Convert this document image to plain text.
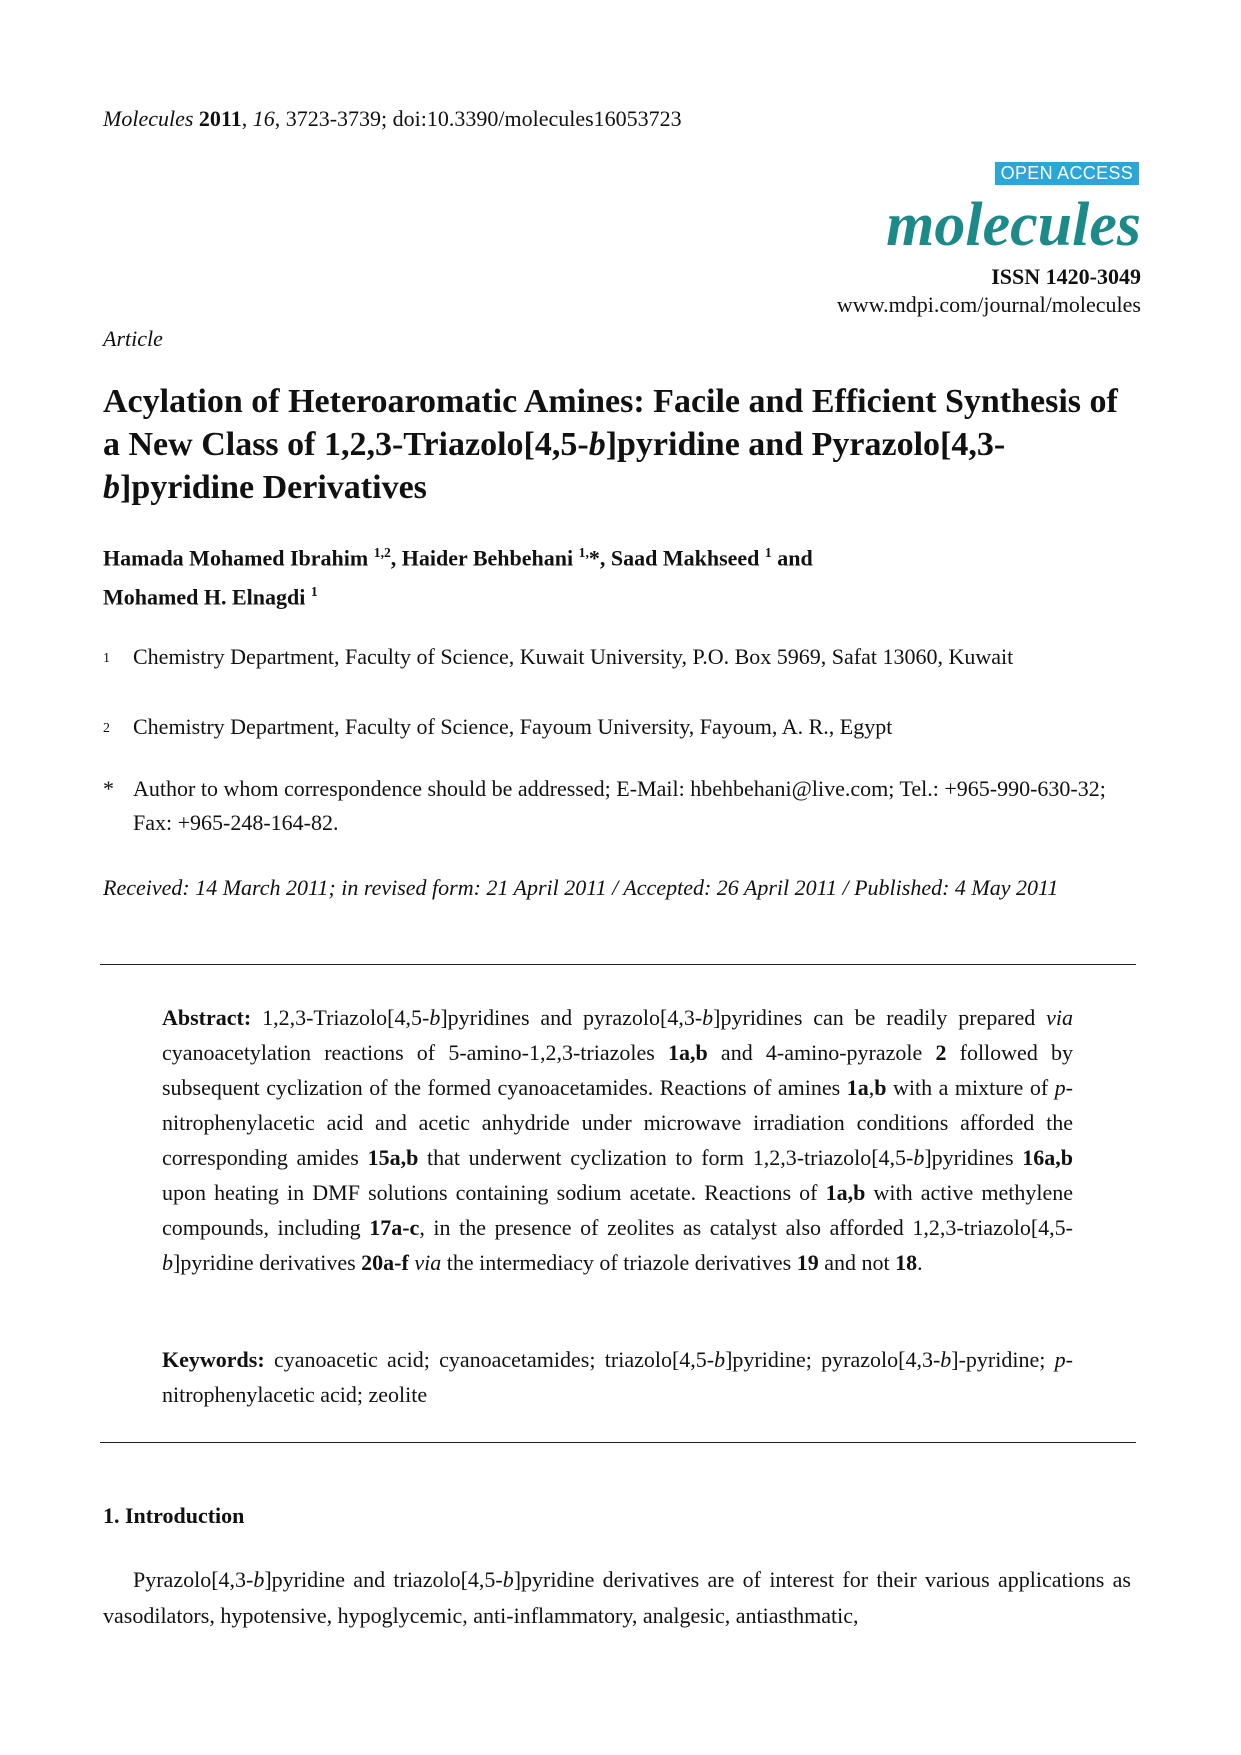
Molecules 2011, 16, 3723-3739; doi:10.3390/molecules16053723
OPEN ACCESS
molecules
ISSN 1420-3049
www.mdpi.com/journal/molecules
Article
Acylation of Heteroaromatic Amines: Facile and Efficient Synthesis of a New Class of 1,2,3-Triazolo[4,5-b]pyridine and Pyrazolo[4,3-b]pyridine Derivatives
Hamada Mohamed Ibrahim $^{1,2}$, Haider Behbehani $^{1,}$*, Saad Makhseed $^1$ and
Mohamed H. Elnagdi $^1$
1	Chemistry Department, Faculty of Science, Kuwait University, P.O. Box 5969, Safat 13060, Kuwait
2	Chemistry Department, Faculty of Science, Fayoum University, Fayoum, A. R., Egypt
* Author to whom correspondence should be addressed; E-Mail: hbehbehani@live.com; Tel.: +965-990-630-32; Fax: +965-248-164-82.
Received: 14 March 2011; in revised form: 21 April 2011 / Accepted: 26 April 2011 / Published: 4 May 2011
Abstract: 1,2,3-Triazolo[4,5-b]pyridines and pyrazolo[4,3-b]pyridines can be readily prepared via cyanoacetylation reactions of 5-amino-1,2,3-triazoles 1a,b and 4-amino-pyrazole 2 followed by subsequent cyclization of the formed cyanoacetamides. Reactions of amines 1a,b with a mixture of p-nitrophenylacetic acid and acetic anhydride under microwave irradiation conditions afforded the corresponding amides 15a,b that underwent cyclization to form 1,2,3-triazolo[4,5-b]pyridines 16a,b upon heating in DMF solutions containing sodium acetate. Reactions of 1a,b with active methylene compounds, including 17a-c, in the presence of zeolites as catalyst also afforded 1,2,3-triazolo[4,5-b]pyridine derivatives 20a-f via the intermediacy of triazole derivatives 19 and not 18.
Keywords: cyanoacetic acid; cyanoacetamides; triazolo[4,5-b]pyridine; pyrazolo[4,3-b]-pyridine; p-nitrophenylacetic acid; zeolite
1. Introduction
Pyrazolo[4,3-b]pyridine and triazolo[4,5-b]pyridine derivatives are of interest for their various applications as vasodilators, hypotensive, hypoglycemic, anti-inflammatory, analgesic, antiasthmatic,
